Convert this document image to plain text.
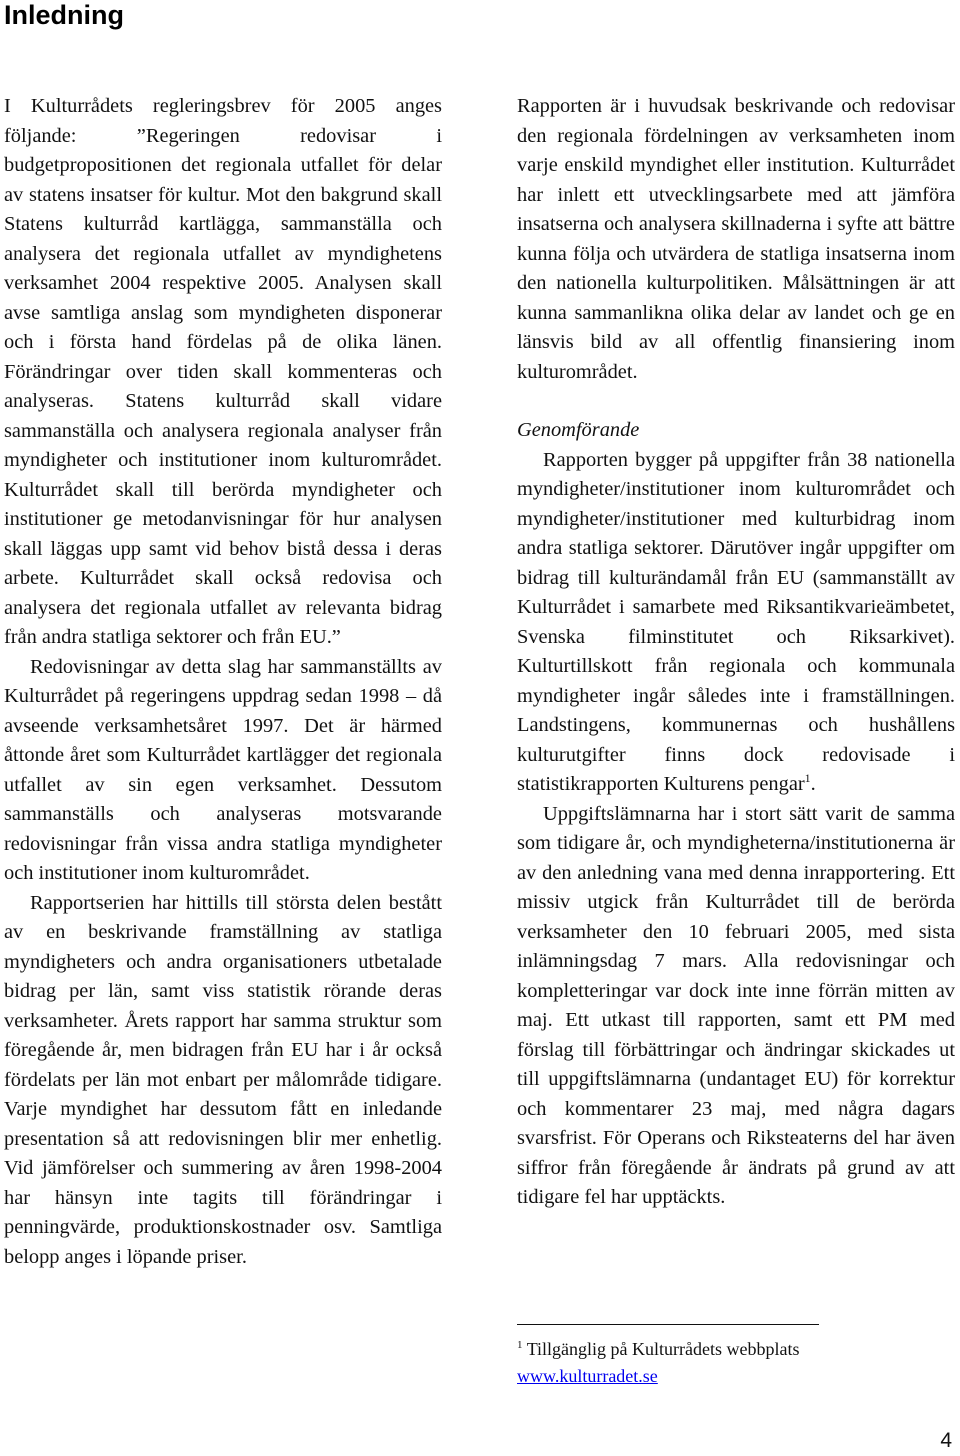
Inledning

I Kulturrådets regleringsbrev för 2005 anges följande: ”Regeringen redovisar i budgetpropositionen det regionala utfallet för delar av statens insatser för kultur. Mot den bakgrund skall Statens kulturråd kartlägga, sammanställa och analysera det regionala utfallet av myndighetens verksamhet 2004 respektive 2005. Analysen skall avse samtliga anslag som myndigheten disponerar och i första hand fördelas på de olika länen. Förändringar over tiden skall kommenteras och analyseras. Statens kulturråd skall vidare sammanställa och analysera regionala analyser från myndigheter och institutioner inom kulturområdet. Kulturrådet skall till berörda myndigheter och institutioner ge metodanvisningar för hur analysen skall läggas upp samt vid behov bistå dessa i deras arbete. Kulturrådet skall också redovisa och analysera det regionala utfallet av relevanta bidrag från andra statliga sektorer och från EU.”

Redovisningar av detta slag har sammanställts av Kulturrådet på regeringens uppdrag sedan 1998 – då avseende verksamhetsåret 1997. Det är härmed åttonde året som Kulturrådet kartlägger det regionala utfallet av sin egen verksamhet. Dessutom sammanställs och analyseras motsvarande redovisningar från vissa andra statliga myndigheter och institutioner inom kulturområdet.

Rapportserien har hittills till största delen bestått av en beskrivande framställning av statliga myndigheters och andra organisationers utbetalade bidrag per län, samt viss statistik rörande deras verksamheter. Årets rapport har samma struktur som föregående år, men bidragen från EU har i år också fördelats per län mot enbart per målområde tidigare. Varje myndighet har dessutom fått en inledande presentation så att redovisningen blir mer enhetlig. Vid jämförelser och summering av åren 1998-2004 har hänsyn inte tagits till förändringar i penningvärde, produktionskostnader osv. Samtliga belopp anges i löpande priser.

Rapporten är i huvudsak beskrivande och redovisar den regionala fördelningen av verksamheten inom varje enskild myndighet eller institution. Kulturrådet har inlett ett utvecklingsarbete med att jämföra insatserna och analysera skillnaderna i syfte att bättre kunna följa och utvärdera de statliga insatserna inom den nationella kulturpolitiken. Målsättningen är att kunna sammanlikna olika delar av landet och ge en länsvis bild av all offentlig finansiering inom kulturområdet.

Genomförande

Rapporten bygger på uppgifter från 38 nationella myndigheter/institutioner inom kulturområdet och myndigheter/institutioner med kulturbidrag inom andra statliga sektorer. Därutöver ingår uppgifter om bidrag till kulturändamål från EU (sammanställt av Kulturrådet i samarbete med Riksantikvarieämbetet, Svenska filminstitutet och Riksarkivet). Kulturtillskott från regionala och kommunala myndigheter ingår således inte i framställningen. Landstingens, kommunernas och hushållens kulturutgifter finns dock redovisade i statistikrapporten Kulturens pengar$^1$.

Uppgiftslämnarna har i stort sätt varit de samma som tidigare år, och myndigheterna/institutionerna är av den anledning vana med denna inrapportering. Ett missiv utgick från Kulturrådet till de berörda verksamheter den 10 februari 2005, med sista inlämningsdag 7 mars. Alla redovisningar och kompletteringar var dock inte inne förrän mitten av maj. Ett utkast till rapporten, samt ett PM med förslag till förbättringar och ändringar skickades ut till uppgiftslämnarna (undantaget EU) för korrektur och kommentarer 23 maj, med några dagars svarsfrist. För Operans och Riksteaterns del har även siffror från föregående år ändrats på grund av att tidigare fel har upptäckts.

$^1$ Tillgänglig på Kulturrådets webbplats
www.kulturradet.se
4
